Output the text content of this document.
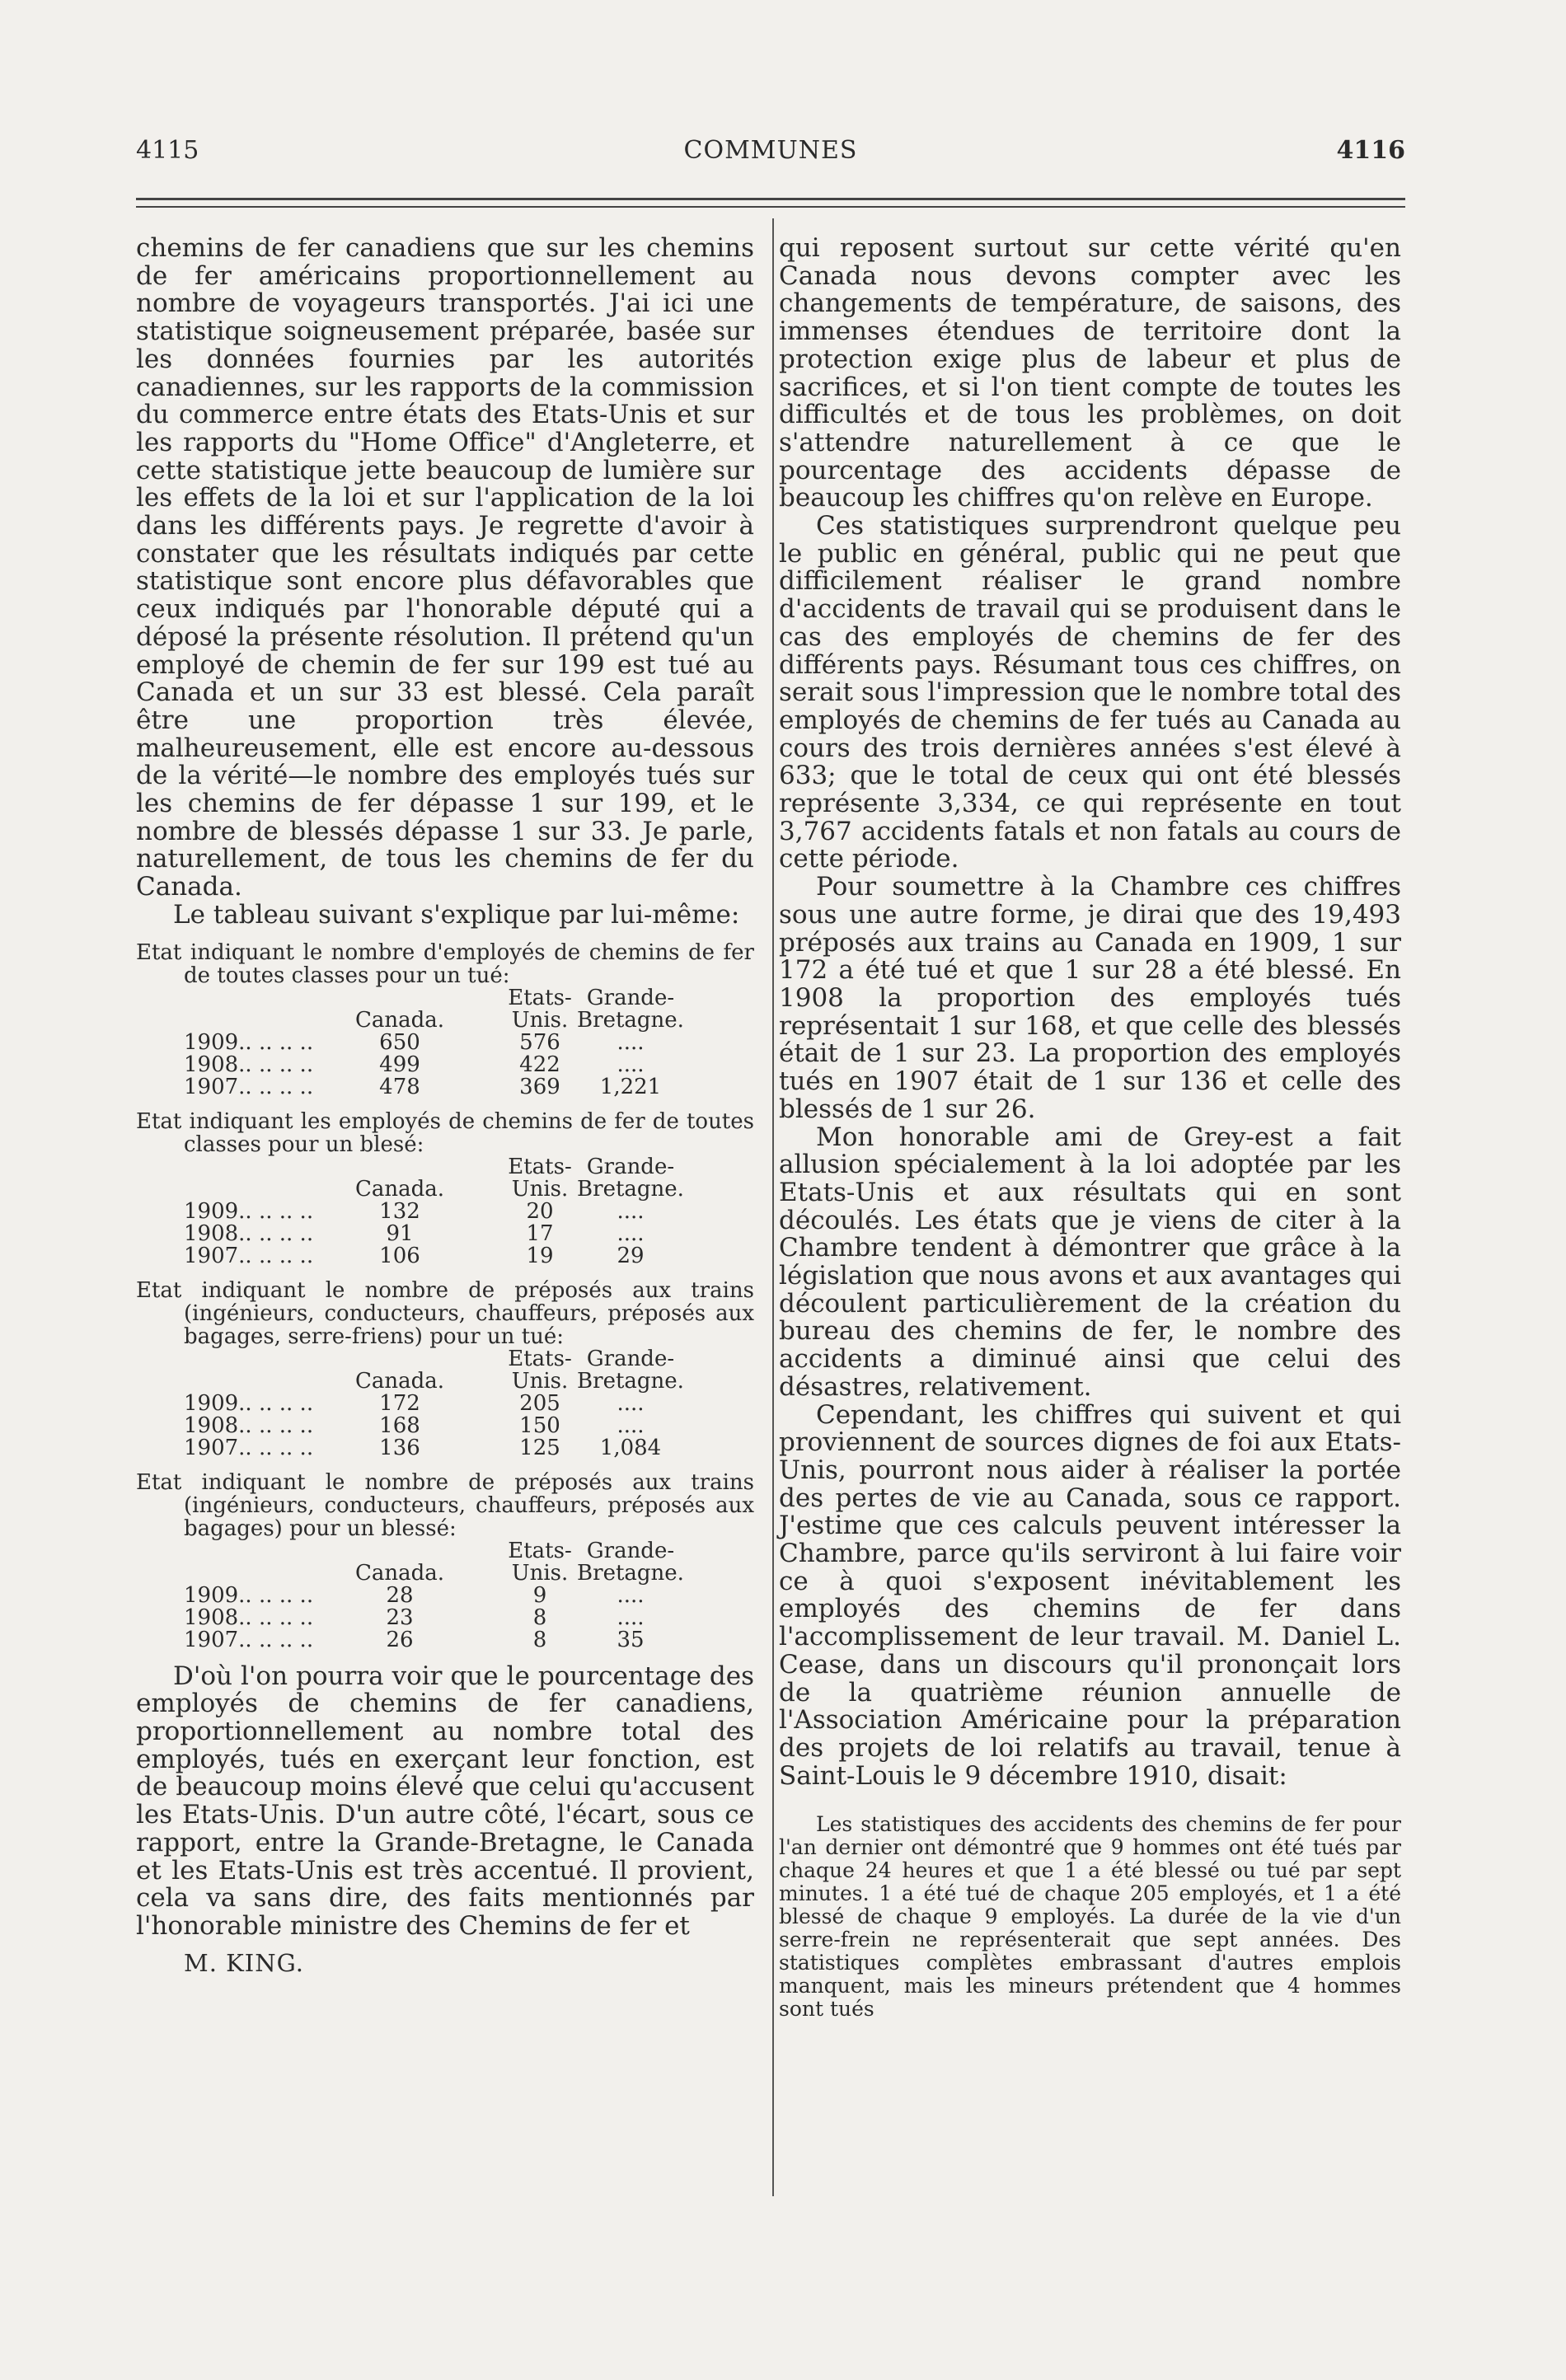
4115	COMMUNES	4116

chemins de fer canadiens que sur les chemins de fer américains proportionnellement au nombre de voyageurs transportés. J'ai ici une statistique soigneusement préparée, basée sur les données fournies par les autorités canadiennes, sur les rapports de la commission du commerce entre états des Etats-Unis et sur les rapports du "Home Office" d'Angleterre, et cette statistique jette beaucoup de lumière sur les effets de la loi et sur l'application de la loi dans les différents pays. Je regrette d'avoir à constater que les résultats indiqués par cette statistique sont encore plus défavorables que ceux indiqués par l'honorable député qui a déposé la présente résolution. Il prétend qu'un employé de chemin de fer sur 199 est tué au Canada et un sur 33 est blessé. Cela paraît être une proportion très élevée, malheureusement, elle est encore au-dessous de la vérité—le nombre des employés tués sur les chemins de fer dépasse 1 sur 199, et le nombre de blessés dépasse 1 sur 33. Je parle, naturellement, de tous les chemins de fer du Canada.

Le tableau suivant s'explique par lui-même:

Etat indiquant le nombre d'employés de chemins de fer de toutes classes pour un tué:

Etats- Grande-
Canada.	Unis. Bretagne.
1909.. .. .. ..	650	576	....
1908.. .. .. ..	499	422	....
1907.. .. .. ..	478	369 1,221

Etat indiquant les employés de chemins de fer de toutes classes pour un blesé:

Etats- Grande-
Canada.	Unis. Bretagne.
1909.. .. .. ..	132	20	....
1908.. .. .. ..	91	17	....
1907.. .. .. ..	106	19	29

Etat indiquant le nombre de préposés aux trains (ingénieurs, conducteurs, chauffeurs, préposés aux bagages, serre-friens) pour un tué:

Etats- Grande-
Canada.	Unis. Bretagne.
1909.. .. .. ..	172	205	....
1908.. .. .. ..	168	150	....
1907.. .. .. ..	136	125 1,084

Etat indiquant le nombre de préposés aux trains (ingénieurs, conducteurs, chauffeurs, préposés aux bagages) pour un blessé:

Etats- Grande-
Canada.	Unis. Bretagne.
1909.. .. .. ..	28	9	....
1908.. .. .. ..	23	8	....
1907.. .. .. ..	26	8	35

D'où l'on pourra voir que le pourcentage des employés de chemins de fer canadiens, proportionnellement au nombre total des employés, tués en exerçant leur fonction, est de beaucoup moins élevé que celui qu'accusent les Etats-Unis. D'un autre côté, l'écart, sous ce rapport, entre la Grande-Bretagne, le Canada et les Etats-Unis est très accentué. Il provient, cela va sans dire, des faits mentionnés par l'honorable ministre des Chemins de fer et

M. KING.

qui reposent surtout sur cette vérité qu'en Canada nous devons compter avec les changements de température, de saisons, des immenses étendues de territoire dont la protection exige plus de labeur et plus de sacrifices, et si l'on tient compte de toutes les difficultés et de tous les problèmes, on doit s'attendre naturellement à ce que le pourcentage des accidents dépasse de beaucoup les chiffres qu'on relève en Europe.

Ces statistiques surprendront quelque peu le public en général, public qui ne peut que difficilement réaliser le grand nombre d'accidents de travail qui se produisent dans le cas des employés de chemins de fer des différents pays. Résumant tous ces chiffres, on serait sous l'impression que le nombre total des employés de chemins de fer tués au Canada au cours des trois dernières années s'est élevé à 633; que le total de ceux qui ont été blessés représente 3,334, ce qui représente en tout 3,767 accidents fatals et non fatals au cours de cette période.

Pour soumettre à la Chambre ces chiffres sous une autre forme, je dirai que des 19,493 préposés aux trains au Canada en 1909, 1 sur 172 a été tué et que 1 sur 28 a été blessé. En 1908 la proportion des employés tués représentait 1 sur 168, et que celle des blessés était de 1 sur 23. La proportion des employés tués en 1907 était de 1 sur 136 et celle des blessés de 1 sur 26.

Mon honorable ami de Grey-est a fait allusion spécialement à la loi adoptée par les Etats-Unis et aux résultats qui en sont découlés. Les états que je viens de citer à la Chambre tendent à démontrer que grâce à la législation que nous avons et aux avantages qui découlent particulièrement de la création du bureau des chemins de fer, le nombre des accidents a diminué ainsi que celui des désastres, relativement.

Cependant, les chiffres qui suivent et qui proviennent de sources dignes de foi aux Etats-Unis, pourront nous aider à réaliser la portée des pertes de vie au Canada, sous ce rapport. J'estime que ces calculs peuvent intéresser la Chambre, parce qu'ils serviront à lui faire voir ce à quoi s'exposent inévitablement les employés des chemins de fer dans l'accomplissement de leur travail. M. Daniel L. Cease, dans un discours qu'il prononçait lors de la quatrième réunion annuelle de l'Association Américaine pour la préparation des projets de loi relatifs au travail, tenue à Saint-Louis le 9 décembre 1910, disait:

Les statistiques des accidents des chemins de fer pour l'an dernier ont démontré que 9 hommes ont été tués par chaque 24 heures et que 1 a été blessé ou tué par sept minutes. 1 a été tué de chaque 205 employés, et 1 a été blessé de chaque 9 employés. La durée de la vie d'un serre-frein ne représenterait que sept années. Des statistiques complètes embrassant d'autres emplois manquent, mais les mineurs prétendent que 4 hommes sont tués
